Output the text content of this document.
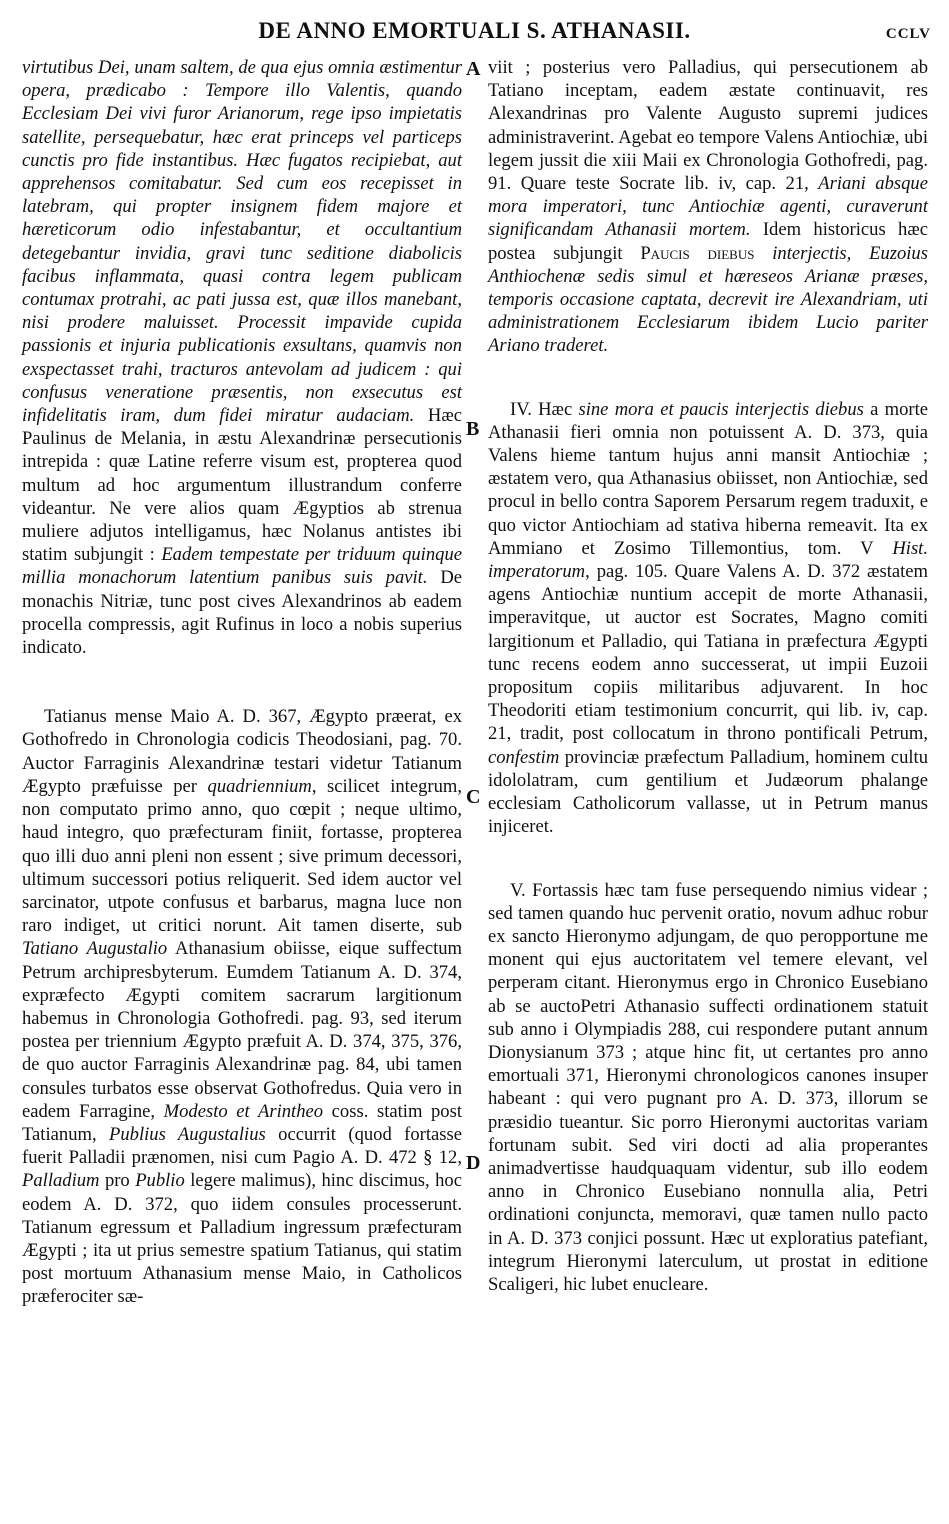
DE ANNO EMORTUALI S. ATHANASII.	CCLV
A
B
C
D

virtutibus Dei, unam saltem, de qua ejus omnia æstimentur opera, prædicabo : Tempore illo Valentis, quando Ecclesiam Dei vivi furor Arianorum, rege ipso impietatis satellite, persequebatur, hæc erat princeps vel particeps cunctis pro fide instantibus. Hæc fugatos recipiebat, aut apprehensos comitabatur. Sed cum eos recepisset in latebram, qui propter insignem fidem majore et hæreticorum odio infestabantur, et occultantium detegebantur invidia, gravi tunc seditione diabolicis facibus inflammata, quasi contra legem publicam contumax protrahi, ac pati jussa est, quæ illos manebant, nisi prodere maluisset. Processit impavide cupida passionis et injuria publicationis exsultans, quamvis non exspectasset trahi, tracturos antevolam ad judicem : qui confusus veneratione præsentis, non exsecutus est infidelitatis iram, dum fidei miratur audaciam. Hæc Paulinus de Melania, in æstu Alexandrinæ persecutionis intrepida : quæ Latine referre visum est, propterea quod multum ad hoc argumentum illustrandum conferre videantur. Ne vere alios quam Ægyptios ab strenua muliere adjutos intelligamus, hæc Nolanus antistes ibi statim subjungit : Eadem tempestate per triduum quinque millia monachorum latentium panibus suis pavit. De monachis Nitriæ, tunc post cives Alexandrinos ab eadem procella compressis, agit Rufinus in loco a nobis superius indicato.

Tatianus mense Maio A. D. 367, Ægypto præerat, ex Gothofredo in Chronologia codicis Theodosiani, pag. 70. Auctor Farraginis Alexandrinæ testari videtur Tatianum Ægypto præfuisse per quadriennium, scilicet integrum, non computato primo anno, quo cœpit ; neque ultimo, haud integro, quo præfecturam finiit, fortasse, propterea quo illi duo anni pleni non essent ; sive primum decessori, ultimum successori potius reliquerit. Sed idem auctor vel sarcinator, utpote confusus et barbarus, magna luce non raro indiget, ut critici norunt. Ait tamen diserte, sub Tatiano Augustalio Athanasium obiisse, eique suffectum Petrum archipresbyterum. Eumdem Tatianum A. D. 374, expræfecto Ægypti comitem sacrarum largitionum habemus in Chronologia Gothofredi. pag. 93, sed iterum postea per triennium Ægypto præfuit A. D. 374, 375, 376, de quo auctor Farraginis Alexandrinæ pag. 84, ubi tamen consules turbatos esse observat Gothofredus. Quia vero in eadem Farragine, Modesto et Arintheo coss. statim post Tatianum, Publius Augustalius occurrit (quod fortasse fuerit Palladii prænomen, nisi cum Pagio A. D. 472 § 12, Palladium pro Publio legere malimus), hinc discimus, hoc eodem A. D. 372, quo iidem consules processerunt. Tatianum egressum et Palladium ingressum præfecturam Ægypti ; ita ut prius semestre spatium Tatianus, qui statim post mortuum Athanasium mense Maio, in Catholicos præferociter sæ-

viit ; posterius vero Palladius, qui persecutionem ab Tatiano inceptam, eadem æstate continuavit, res Alexandrinas pro Valente Augusto supremi judices administraverint. Agebat eo tempore Valens Antiochiæ, ubi legem jussit die xiii Maii ex Chronologia Gothofredi, pag. 91. Quare teste Socrate lib. iv, cap. 21, Ariani absque mora imperatori, tunc Antiochiæ agenti, curaverunt significandam Athanasii mortem. Idem historicus hæc postea subjungit Paucis diebus interjectis, Euzoius Anthiochenæ sedis simul et hæreseos Arianæ præses, temporis occasione captata, decrevit ire Alexandriam, uti administrationem Ecclesiarum ibidem Lucio pariter Ariano traderet.

IV. Hæc sine mora et paucis interjectis diebus a morte Athanasii fieri omnia non potuissent A. D. 373, quia Valens hieme tantum hujus anni mansit Antiochiæ ; æstatem vero, qua Athanasius obiisset, non Antiochiæ, sed procul in bello contra Saporem Persarum regem traduxit, e quo victor Antiochiam ad stativa hiberna remeavit. Ita ex Ammiano et Zosimo Tillemontius, tom. V Hist. imperatorum, pag. 105. Quare Valens A. D. 372 æstatem agens Antiochiæ nuntium accepit de morte Athanasii, imperavitque, ut auctor est Socrates, Magno comiti largitionum et Palladio, qui Tatiana in præfectura Ægypti tunc recens eodem anno successerat, ut impii Euzoii propositum copiis militaribus adjuvarent. In hoc Theodoriti etiam testimonium concurrit, qui lib. iv, cap. 21, tradit, post collocatum in throno pontificali Petrum, confestim provinciæ præfectum Palladium, hominem cultu idololatram, cum gentilium et Judæorum phalange ecclesiam Catholicorum vallasse, ut in Petrum manus injiceret.

V. Fortassis hæc tam fuse persequendo nimius videar ; sed tamen quando huc pervenit oratio, novum adhuc robur ex sancto Hieronymo adjungam, de quo peropportune me monent qui ejus auctoritatem vel temere elevant, vel perperam citant. Hieronymus ergo in Chronico Eusebiano ab se auctoPetri Athanasio suffecti ordinationem statuit sub anno i Olympiadis 288, cui respondere putant annum Dionysianum 373 ; atque hinc fit, ut certantes pro anno emortuali 371, Hieronymi chronologicos canones insuper habeant : qui vero pugnant pro A. D. 373, illorum se præsidio tueantur. Sic porro Hieronymi auctoritas variam fortunam subit. Sed viri docti ad alia properantes animadvertisse haudquaquam videntur, sub illo eodem anno in Chronico Eusebiano nonnulla alia, Petri ordinationi conjuncta, memoravi, quæ tamen nullo pacto in A. D. 373 conjici possunt. Hæc ut exploratius patefiant, integrum Hieronymi laterculum, ut prostat in editione Scaligeri, hic lubet enucleare.
